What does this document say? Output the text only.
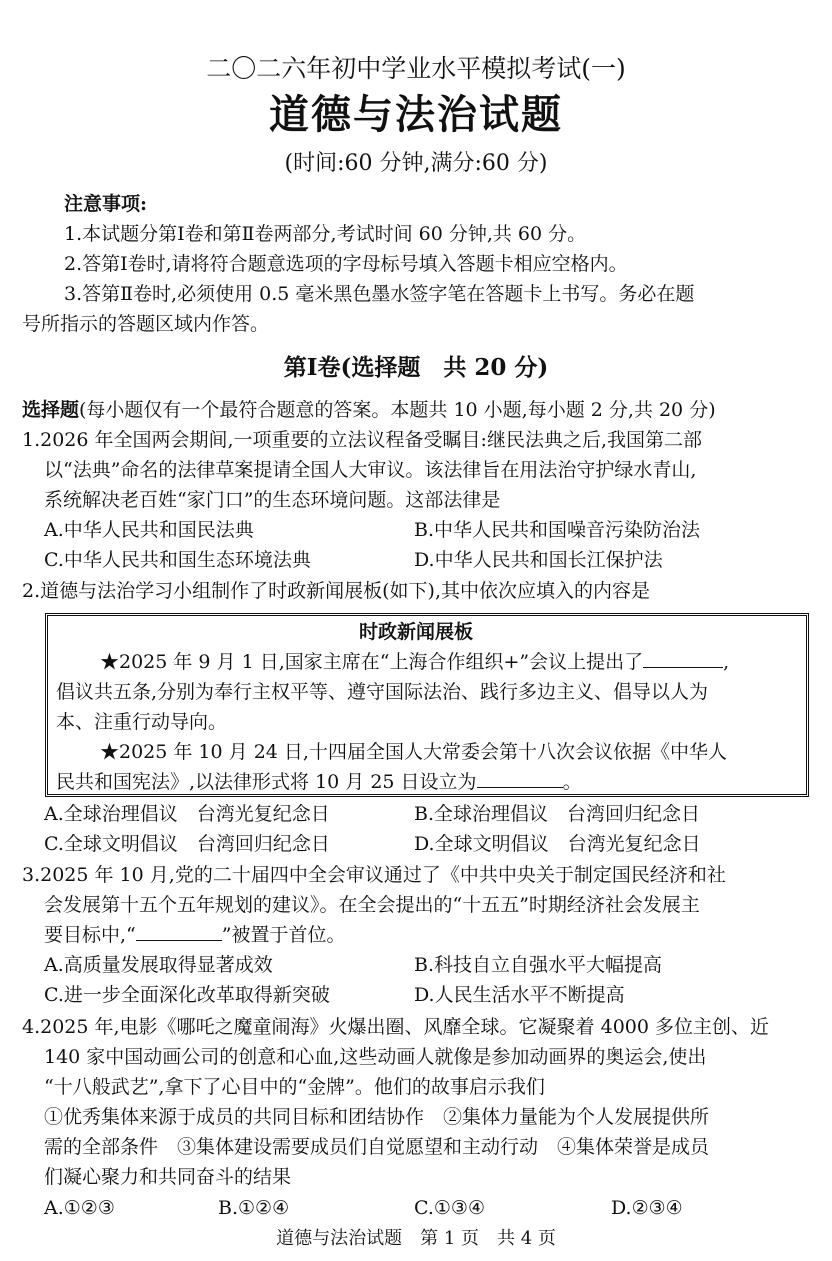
二〇二六年初中学业水平模拟考试(一)
道德与法治试题
(时间:60 分钟,满分:60 分)
注意事项:
1.本试题分第Ⅰ卷和第Ⅱ卷两部分,考试时间 60 分钟,共 60 分。
2.答第Ⅰ卷时,请将符合题意选项的字母标号填入答题卡相应空格内。
3.答第Ⅱ卷时,必须使用 0.5 毫米黑色墨水签字笔在答题卡上书写。务必在题
号所指示的答题区域内作答。
第Ⅰ卷(选择题　共 20 分)
选择题(每小题仅有一个最符合题意的答案。本题共 10 小题,每小题 2 分,共 20 分)
1.2026 年全国两会期间,一项重要的立法议程备受瞩目:继民法典之后,我国第二部
以“法典”命名的法律草案提请全国人大审议。该法律旨在用法治守护绿水青山,
系统解决老百姓“家门口”的生态环境问题。这部法律是
A.中华人民共和国民法典	B.中华人民共和国噪音污染防治法
C.中华人民共和国生态环境法典	D.中华人民共和国长江保护法
2.道德与法治学习小组制作了时政新闻展板(如下),其中依次应填入的内容是
时政新闻展板
★2025 年 9 月 1 日,国家主席在“上海合作组织+”会议上提出了	,
倡议共五条,分别为奉行主权平等、遵守国际法治、践行多边主义、倡导以人为
本、注重行动导向。
★2025 年 10 月 24 日,十四届全国人大常委会第十八次会议依据《中华人
民共和国宪法》,以法律形式将 10 月 25 日设立为	。
A.全球治理倡议　台湾光复纪念日	B.全球治理倡议　台湾回归纪念日
C.全球文明倡议　台湾回归纪念日	D.全球文明倡议　台湾光复纪念日
3.2025 年 10 月,党的二十届四中全会审议通过了《中共中央关于制定国民经济和社
会发展第十五个五年规划的建议》。在全会提出的“十五五”时期经济社会发展主
要目标中,“	”被置于首位。
A.高质量发展取得显著成效	B.科技自立自强水平大幅提高
C.进一步全面深化改革取得新突破	D.人民生活水平不断提高
4.2025 年,电影《哪吒之魔童闹海》火爆出圈、风靡全球。它凝聚着 4000 多位主创、近
140 家中国动画公司的创意和心血,这些动画人就像是参加动画界的奥运会,使出
“十八般武艺”,拿下了心目中的“金牌”。他们的故事启示我们
①优秀集体来源于成员的共同目标和团结协作　②集体力量能为个人发展提供所
需的全部条件　③集体建设需要成员们自觉愿望和主动行动　④集体荣誉是成员
们凝心聚力和共同奋斗的结果
A.①②③	B.①②④	C.①③④	D.②③④
道德与法治试题　第 1 页　共 4 页
